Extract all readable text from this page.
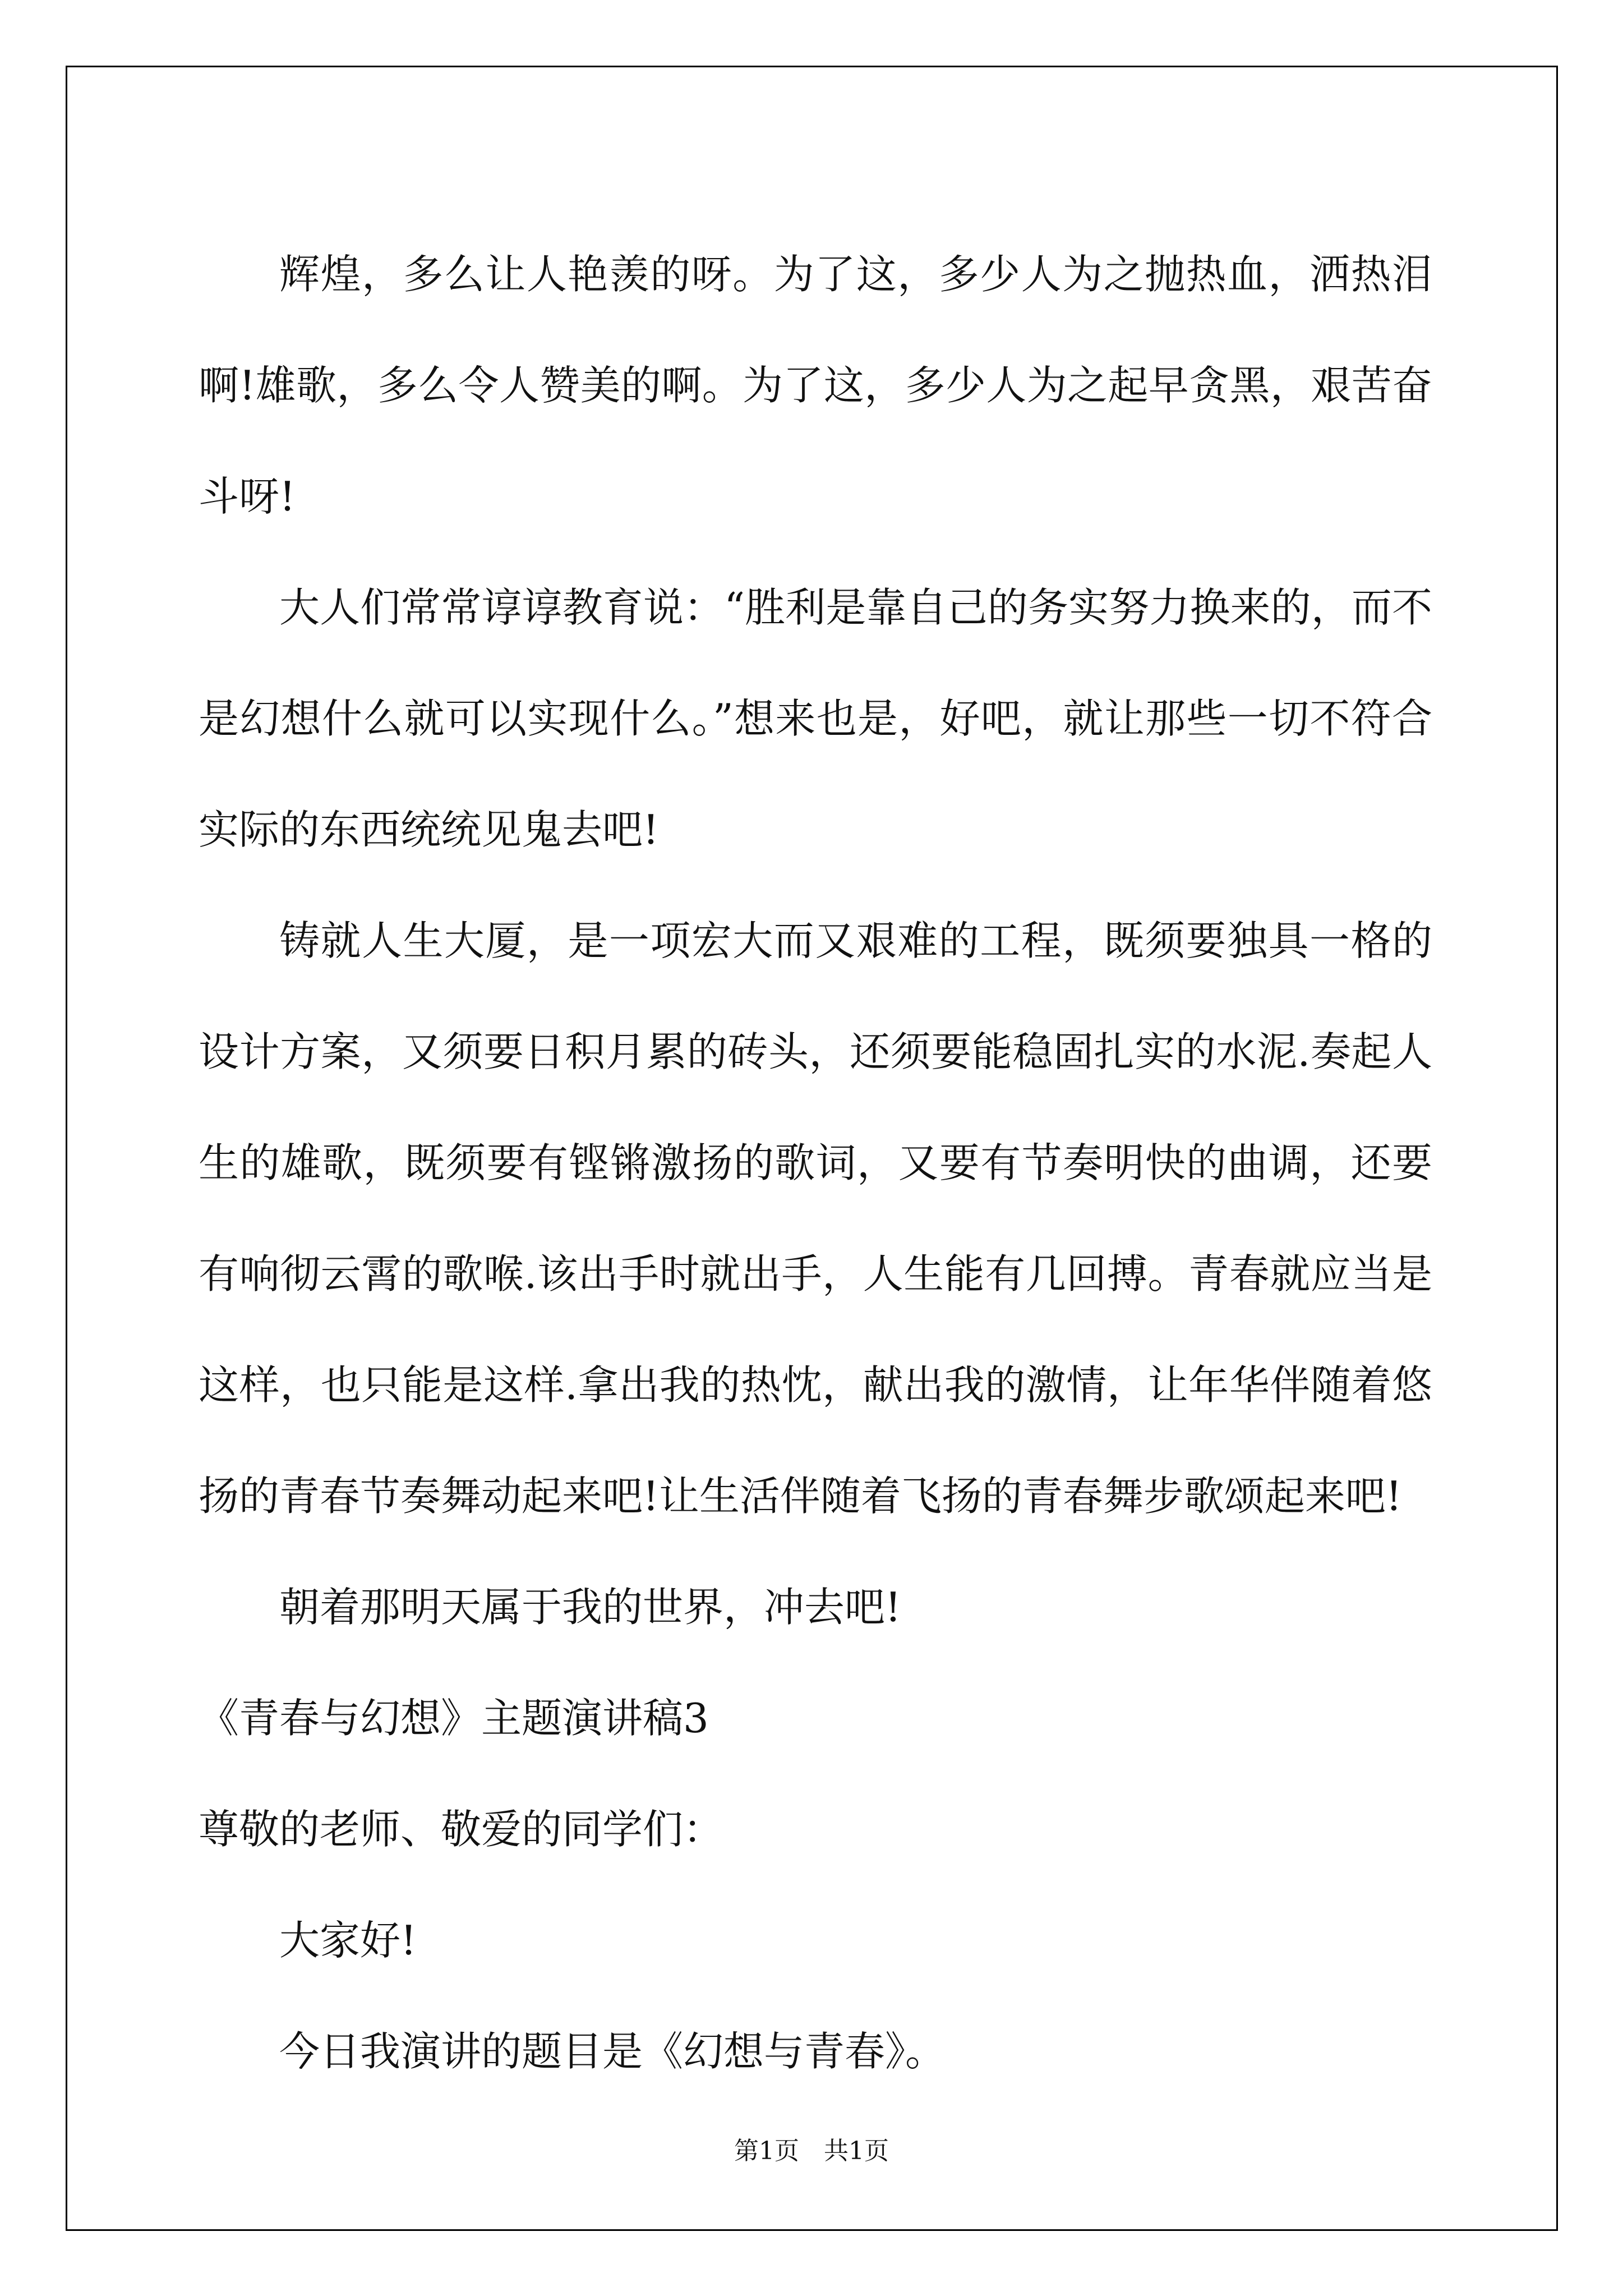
辉煌，多么让人艳羡的呀。为了这，多少人为之抛热血，洒热泪啊!雄歌，多么令人赞美的啊。为了这，多少人为之起早贪黑，艰苦奋斗呀!

大人们常常谆谆教育说：“胜利是靠自己的务实努力换来的，而不是幻想什么就可以实现什么。”想来也是，好吧，就让那些一切不符合实际的东西统统见鬼去吧!

铸就人生大厦，是一项宏大而又艰难的工程，既须要独具一格的设计方案，又须要日积月累的砖头，还须要能稳固扎实的水泥.奏起人生的雄歌，既须要有铿锵激扬的歌词，又要有节奏明快的曲调，还要有响彻云霄的歌喉.该出手时就出手，人生能有几回搏。青春就应当是这样，也只能是这样.拿出我的热忱，献出我的激情，让年华伴随着悠扬的青春节奏舞动起来吧!让生活伴随着飞扬的青春舞步歌颂起来吧!

朝着那明天属于我的世界，冲去吧!

《青春与幻想》主题演讲稿3

尊敬的老师、敬爱的同学们：

大家好!

今日我演讲的题目是《幻想与青春》。

第1页　共1页
